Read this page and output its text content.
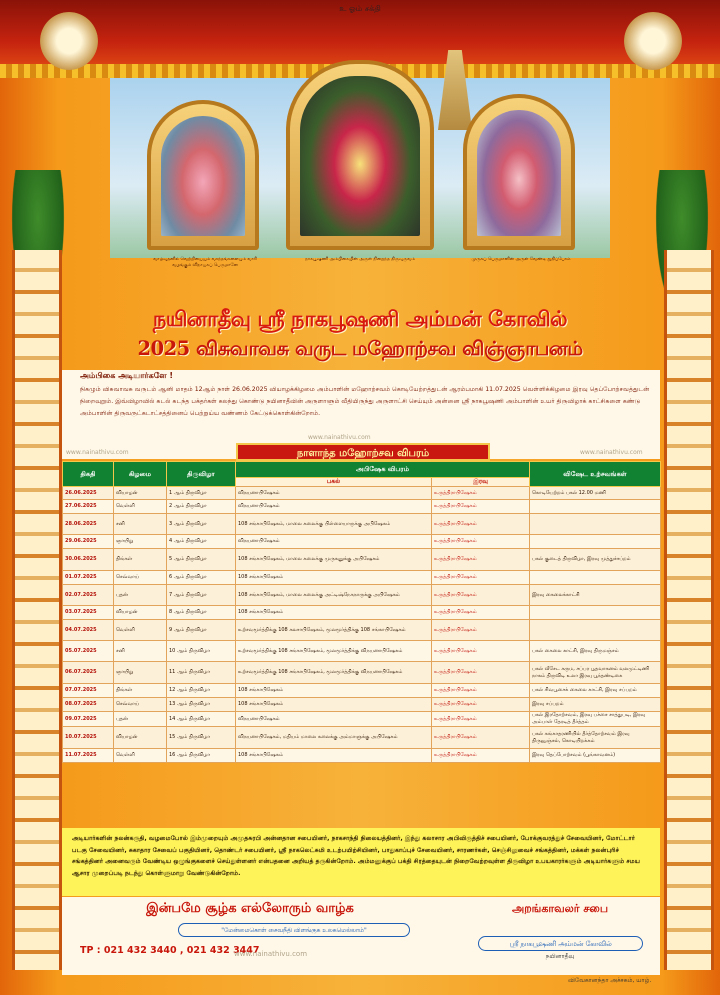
உ ஓம் சக்தி
வாழ்வுதனில் வெற்றியையும் வசந்தங்களையும் வாரி வழங்கும் விநாயகப் பெருமானே
நாகபூஷணி அம்பிகையின் அருள் நிறைந்த திருவுருவம்	முருகப் பெருமானின் அருள் வேண்டி துதிப்போம்
நயினாதீவு ஸ்ரீ நாகபூஷணி அம்மன் கோவில்
2025 விசுவாவசு வருட மஹோற்சவ விஞ்ஞாபனம்
அம்பிகை அடியார்களே !
நிகழும் விசுவாவசு வருடம் ஆனி மாதம் 12ஆம் நாள் 26.06.2025 வியாழக்கிழமை அம்பாளின் மஹோற்சவம் கொடியேற்றத்துடன் ஆரம்பமாகி 11.07.2025 வெள்ளிக்கிழமை இரவு தெப்போற்சவத்துடன் நிறைவுறும். இவ்விழாவில் கடல் கடந்த பக்தர்கள் கலந்து கொண்டு நயினாதீவின் அருளாளும் வீதியிருந்து அருளாட்சி செய்யும் அன்னை ஸ்ரீ நாகபூஷணி அம்பாளின் உயர் திருவிழாக் காட்சிகளை கண்டு அம்பாளின் திருவருட்கடாட்சத்தினைப் பெற்றுய்ய வண்ணம் கேட்டுக்கொள்கின்றோம்.
www.nainathivu.com
www.nainathivu.com
www.nainathivu.com
நாளாந்த மஹோற்சவ விபரம்
திகதி	கிழமை	திருவிழா	அபிஷேக விபரம்		விஷேட உற்சவங்கள்
			பகல்	இரவு	
26.06.2025	வியாழன்	1 ஆம் திருவிழா	விநயனாபிஷேகம்	உருத்திராபிஷேகம்	கொடியேற்றம் பகல் 12.00 மணி
27.06.2025	வெள்ளி	2 ஆம் திருவிழா	விநயனாபிஷேகம்	உருத்திராபிஷேகம்	
28.06.2025	சனி	3 ஆம் திருவிழா	108 சங்காபிஷேகம், மாலை கலைக்கு பிள்ளையாருக்கு அபிஷேகம்	உருத்திராபிஷேகம்	
29.06.2025	ஞாயிறு	4 ஆம் திருவிழா	விநயனாபிஷேகம்	உருத்திராபிஷேகம்	
30.06.2025	திங்கள்	5 ஆம் திருவிழா	108 சங்காபிஷேகம், மாலை கலைக்கு முருகனுக்கு அபிஷேகம்	உருத்திராபிஷேகம்	பகல் குடைத் திருவிழா, இரவு முத்துச்சப்றம்
01.07.2025	செவ்வாய்	6 ஆம் திருவிழா	108 சங்காபிஷேகம்	உருத்திராபிஷேகம்	
02.07.2025	புதன்	7 ஆம் திருவிழா	108 சங்காபிஷேகம், மாலை கலைக்கு அட்டிஷ்நேகநாருக்கு அபிஷேகம்	உருத்திராபிஷேகம்	இரவு கைலைக்காட்சி
03.07.2025	வியாழன்	8 ஆம் திருவிழா	108 சங்காபிஷேகம்	உருத்திராபிஷேகம்	
04.07.2025	வெள்ளி	9 ஆம் திருவிழா	உற்சவமூர்த்திக்கு 108 கலசாபிஷேகம், மூலமூர்த்திக்கு 108 சங்காபிஷேகம்	உருத்திராபிஷேகம்	
05.07.2025	சனி	10 ஆம் திருவிழா	உற்சவமூர்த்திக்கு 108 சங்காபிஷேகம், மூலமூர்த்திக்கு விநயனாபிஷேகம்	உருத்திராபிஷேகம்	பகல் கைலை காட்சி, இரவு திருமஞ்சம்
06.07.2025	ஞாயிறு	11 ஆம் திருவிழா	உற்சவமூர்த்திக்கு 108 சங்காபிஷேகம், மூலமூர்த்திக்கு விநயனாபிஷேகம்	உருத்திராபிஷேகம்	பகல் வீசேட கரும, சப்பர பூதவாகனம் வலமுட்டிணி நாகம் திருவிடி உலா இரவு பூந்தண்டிகை
07.07.2025	திங்கள்	12 ஆம் திருவிழா	108 சங்காபிஷேகம்	உருத்திராபிஷேகம்	பகல் சிவபூசைக் கைலை காட்சி, இரவு சப்பறம்
08.07.2025	செவ்வாய்	13 ஆம் திருவிழா	108 சங்காபிஷேகம்	உருத்திராபிஷேகம்	இரவு சப்பறம்
09.07.2025	புதன்	14 ஆம் திருவிழா	விநயனாபிஷேகம்	உருத்திராபிஷேகம்	பகல் இரதோற்சவம், இரவு பச்சை சாத்துபடி, இரவு அம்பாள் தேரடித் தீர்த்தம்
10.07.2025	வியாழன்	15 ஆம் திருவிழா	விநயனாபிஷேகம், மதியம் மாலை கலைக்கு அம்மாளுக்கு அபிஷேகம்	உருத்திராபிஷேகம்	பகல் கங்காதரணியில் தீர்த்தோற்சவம் இரவு திருவூஞ்சல், கொடியிறக்கம்
11.07.2025	வெள்ளி	16 ஆம் திருவிழா	108 சங்காபிஷேகம்	உருத்திராபிஷேகம்	இரவு தெப்போற்சவம் (பூங்காவனம்)

அடியார்களின் நலன்கருதி, வழமைபோல் இம்முறையும் அமுதசுரபி அன்னதான சபையினர், நாகசாந்தி நிலையத்தினர், இந்து கலாசார அபிவிருத்திச் சபையினர், போக்குவரத்துச் சேவையினர், மோட்டார் படகு சேவையினர், சுகாதார சேவைப் பகுதியினர், தொண்டர் சபையினர், ஸ்ரீ நாகலெட்சுமி உடற்பயிற்சியினர், பாதுகாப்புச் சேவையினர், சாரணர்கள், செஞ்சிலுவைச் சங்கத்தினர், மக்கள் நலன்புரிச் சங்கத்தினர் அனைவரும் வேண்டிய ஒழுங்குகளைச் செய்துள்ளனர் என்பதனை அறியத் தருகின்றோம். அம்மனுக்குப் பக்தி சிரத்தையுடன் நிறைவேற்றவுள்ள திருவிழா உபயகாரர்களும் அடியார்களும் சமய ஆசார முறைப்படி நடந்து கொள்ளுமாறு வேண்டுகின்றோம்.

இன்பமே சூழ்க எல்லோரும் வாழ்க
"மேன்மைகொள் சைவநீதி விளங்குக உலகமெல்லாம்"
TP : 021 432 3440 , 021 432 3447
www.nainathivu.com
அறங்காவலர் சபை
ஸ்ரீ நாகபூஷணி அம்மன் கோவில்
நயினாதீவு
விவேகானந்தா அச்சகம், யாழ்.
